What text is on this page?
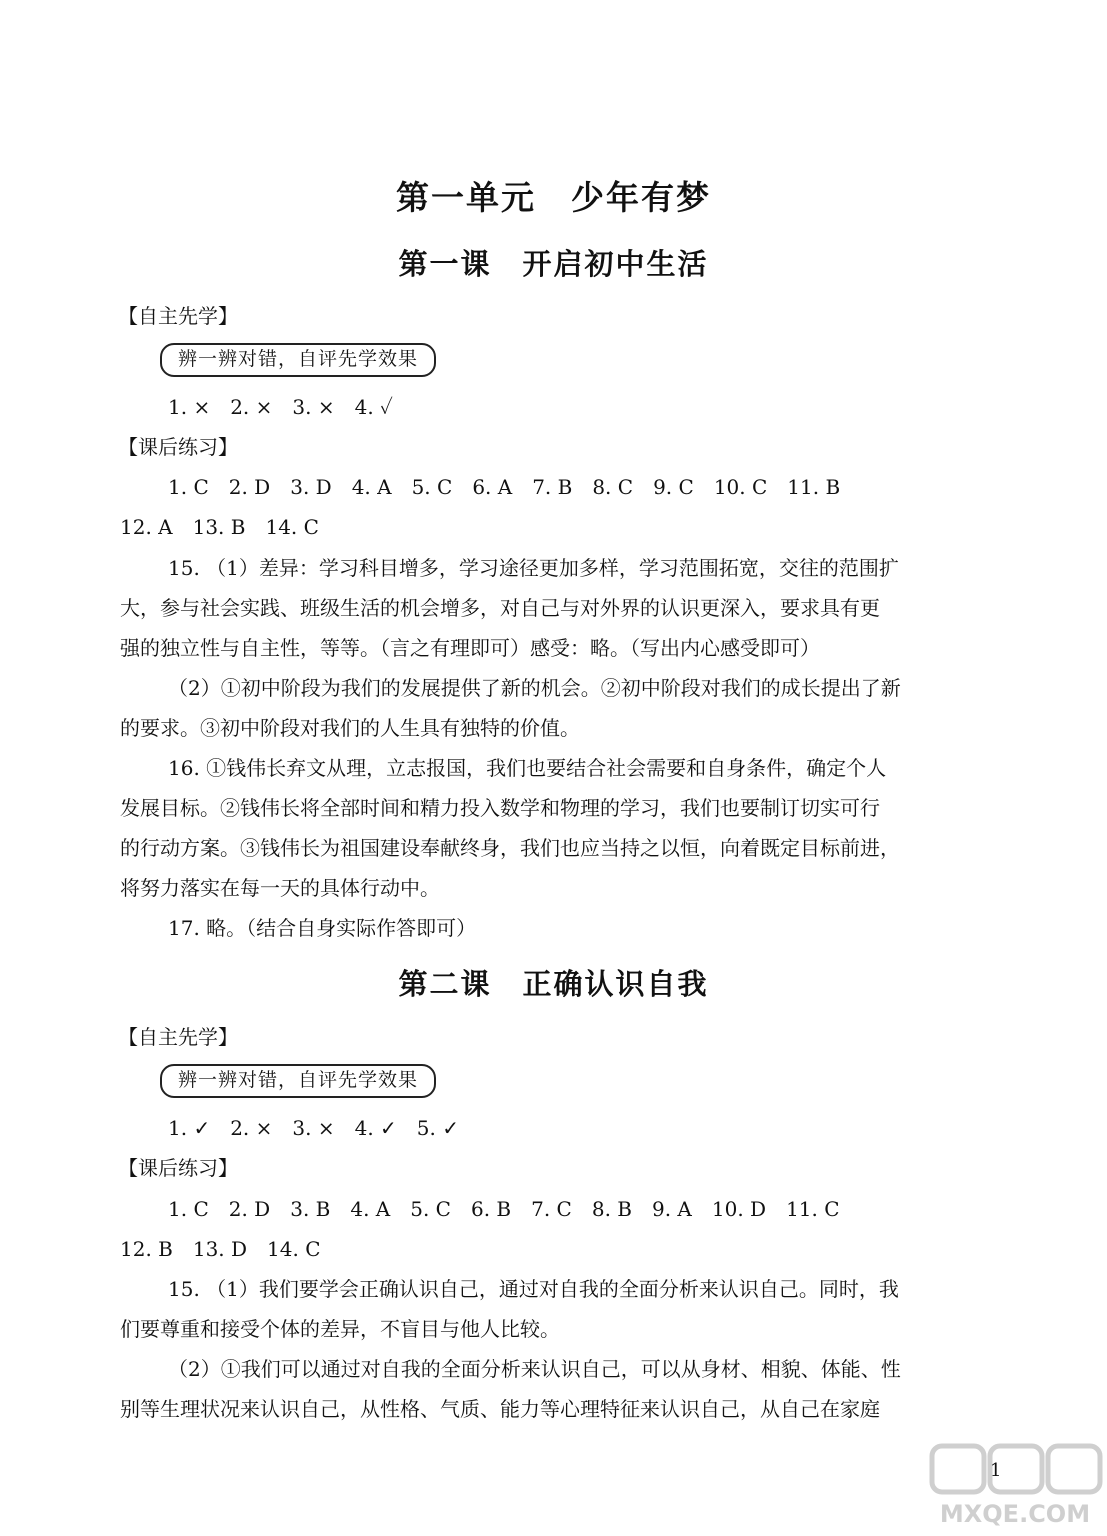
第一单元　少年有梦
第一课　开启初中生活
【自主先学】
辨一辨对错，自评先学效果
1. ×　2. ×　3. ×　4. ✓
【课后练习】
1. C　2. D　3. D　4. A　5. C　6. A　7. B　8. C　9. C　10. C　11. B
12. A　13. B　14. C
15. （1）差异：学习科目增多，学习途径更加多样，学习范围拓宽，交往的范围扩
大，参与社会实践、班级生活的机会增多，对自己与对外界的认识更深入，要求具有更
强的独立性与自主性，等等。（言之有理即可）感受：略。（写出内心感受即可）
（2）①初中阶段为我们的发展提供了新的机会。②初中阶段对我们的成长提出了新
的要求。③初中阶段对我们的人生具有独特的价值。
16. ①钱伟长弃文从理，立志报国，我们也要结合社会需要和自身条件，确定个人
发展目标。②钱伟长将全部时间和精力投入数学和物理的学习，我们也要制订切实可行
的行动方案。③钱伟长为祖国建设奉献终身，我们也应当持之以恒，向着既定目标前进，
将努力落实在每一天的具体行动中。
17. 略。（结合自身实际作答即可）
第二课　正确认识自我
【自主先学】
辨一辨对错，自评先学效果
1. ✓　2. ×　3. ×　4. ✓　5. ✓
【课后练习】
1. C　2. D　3. B　4. A　5. C　6. B　7. C　8. B　9. A　10. D　11. C
12. B　13. D　14. C
15. （1）我们要学会正确认识自己，通过对自我的全面分析来认识自己。同时，我
们要尊重和接受个体的差异，不盲目与他人比较。
（2）①我们可以通过对自我的全面分析来认识自己，可以从身材、相貌、体能、性
别等生理状况来认识自己，从性格、气质、能力等心理特征来认识自己，从自己在家庭
1
MXQE.COM
